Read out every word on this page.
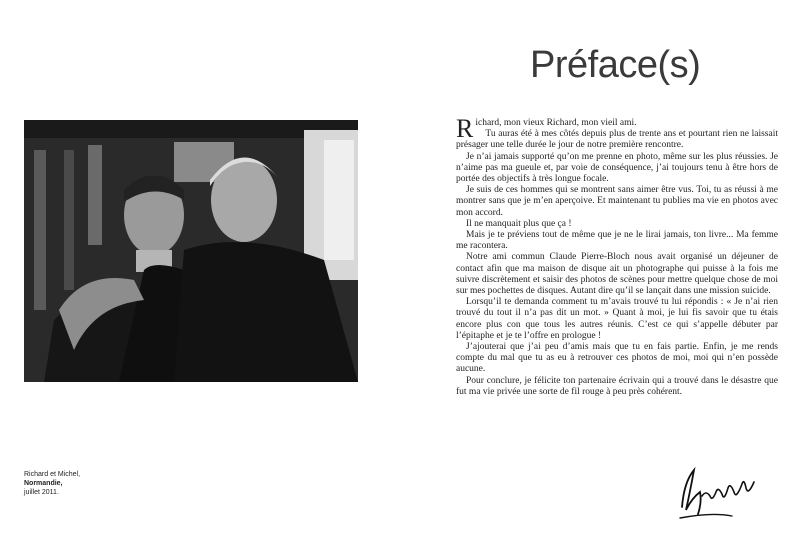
Richard et Michel,
Normandie,
juillet 2011.
Préface(s)

Richard, mon vieux Richard, mon vieil ami.

Tu auras été à mes côtés depuis plus de trente ans et pourtant rien ne laissait présager une telle durée le jour de notre première rencontre.

Je n’ai jamais supporté qu’on me prenne en photo, même sur les plus réussies. Je n’aime pas ma gueule et, par voie de conséquence, j’ai toujours tenu à être hors de portée des objectifs à très longue focale.

Je suis de ces hommes qui se montrent sans aimer être vus. Toi, tu as réussi à me montrer sans que je m’en aperçoive. Et maintenant tu publies ma vie en photos avec mon accord.

Il ne manquait plus que ça !

Mais je te préviens tout de même que je ne le lirai jamais, ton livre... Ma femme me racontera.

Notre ami commun Claude Pierre-Bloch nous avait organisé un déjeuner de contact afin que ma maison de disque ait un photographe qui puisse à la fois me suivre discrètement et saisir des photos de scènes pour mettre quelque chose de moi sur mes pochettes de disques. Autant dire qu’il se lançait dans une mission suicide.

Lorsqu’il te demanda comment tu m’avais trouvé tu lui répondis : « Je n’ai rien trouvé du tout il n’a pas dit un mot. » Quant à moi, je lui fis savoir que tu étais encore plus con que tous les autres réunis. C’est ce qui s’appelle débuter par l’épitaphe et je te l’offre en prologue !

J’ajouterai que j’ai peu d’amis mais que tu en fais partie. Enfin, je me rends compte du mal que tu as eu à retrouver ces photos de moi, moi qui n’en possède aucune.

Pour conclure, je félicite ton partenaire écrivain qui a trouvé dans le désastre que fut ma vie privée une sorte de fil rouge à peu près cohérent.
